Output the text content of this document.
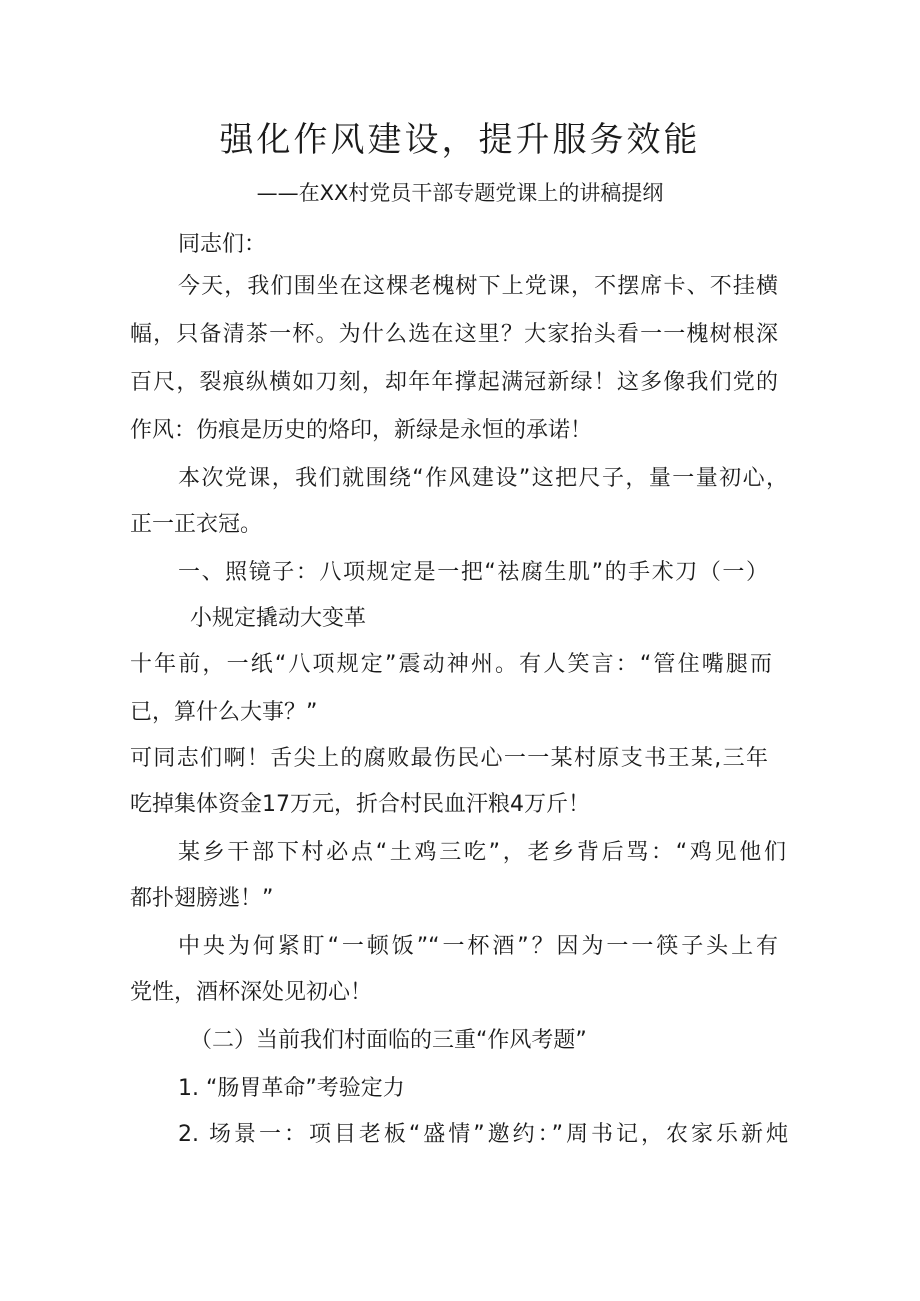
强化作风建设，提升服务效能
——在XX村党员干部专题党课上的讲稿提纲
同志们：
今天，我们围坐在这棵老槐树下上党课，不摆席卡、不挂横
幅，只备清茶一杯。为什么选在这里？大家抬头看一一槐树根深
百尺，裂痕纵横如刀刻，却年年撑起满冠新绿！这多像我们党的
作风：伤痕是历史的烙印，新绿是永恒的承诺！
本次党课，我们就围绕“作风建设”这把尺子，量一量初心，
正一正衣冠。
一、照镜子：八项规定是一把“祛腐生肌”的手术刀（一）
小规定撬动大变革
十年前，一纸“八项规定”震动神州。有人笑言：“管住嘴腿而
已，算什么大事？”
可同志们啊！舌尖上的腐败最伤民心一一某村原支书王某,三年
吃掉集体资金17万元，折合村民血汗粮4万斤！
某乡干部下村必点“土鸡三吃”，老乡背后骂：“鸡见他们
都扑翅膀逃！”
中央为何紧盯“一顿饭”“一杯酒”？因为一一筷子头上有
党性，酒杯深处见初心！
（二）当前我们村面临的三重“作风考题”
1. “肠胃革命”考验定力
2. 场景一：项目老板“盛情”邀约：”周书记，农家乐新炖
